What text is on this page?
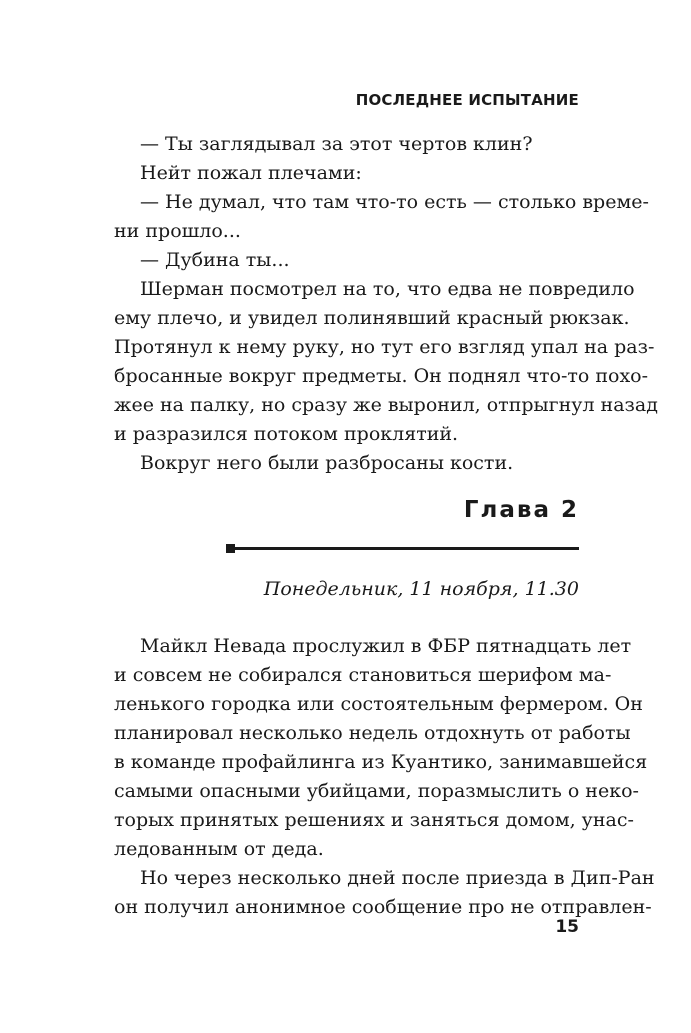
ПОСЛЕДНЕЕ ИСПЫТАНИЕ
— Ты заглядывал за этот чертов клин?
Нейт пожал плечами:
— Не думал, что там что-то есть — столько време-
ни прошло...
— Дубина ты...
Шерман посмотрел на то, что едва не повредило
ему плечо, и увидел полинявший красный рюкзак.
Протянул к нему руку, но тут его взгляд упал на раз-
бросанные вокруг предметы. Он поднял что-то похо-
жее на палку, но сразу же выронил, отпрыгнул назад
и разразился потоком проклятий.
Вокруг него были разбросаны кости.
Глава 2
Понедельник, 11 ноября, 11.30
Майкл Невада прослужил в ФБР пятнадцать лет
и совсем не собирался становиться шерифом ма-
ленького городка или состоятельным фермером. Он
планировал несколько недель отдохнуть от работы
в команде профайлинга из Куантико, занимавшейся
самыми опасными убийцами, поразмыслить о неко-
торых принятых решениях и заняться домом, унас-
ледованным от деда.
Но через несколько дней после приезда в Дип-Ран
он получил анонимное сообщение про не отправлен-
15
